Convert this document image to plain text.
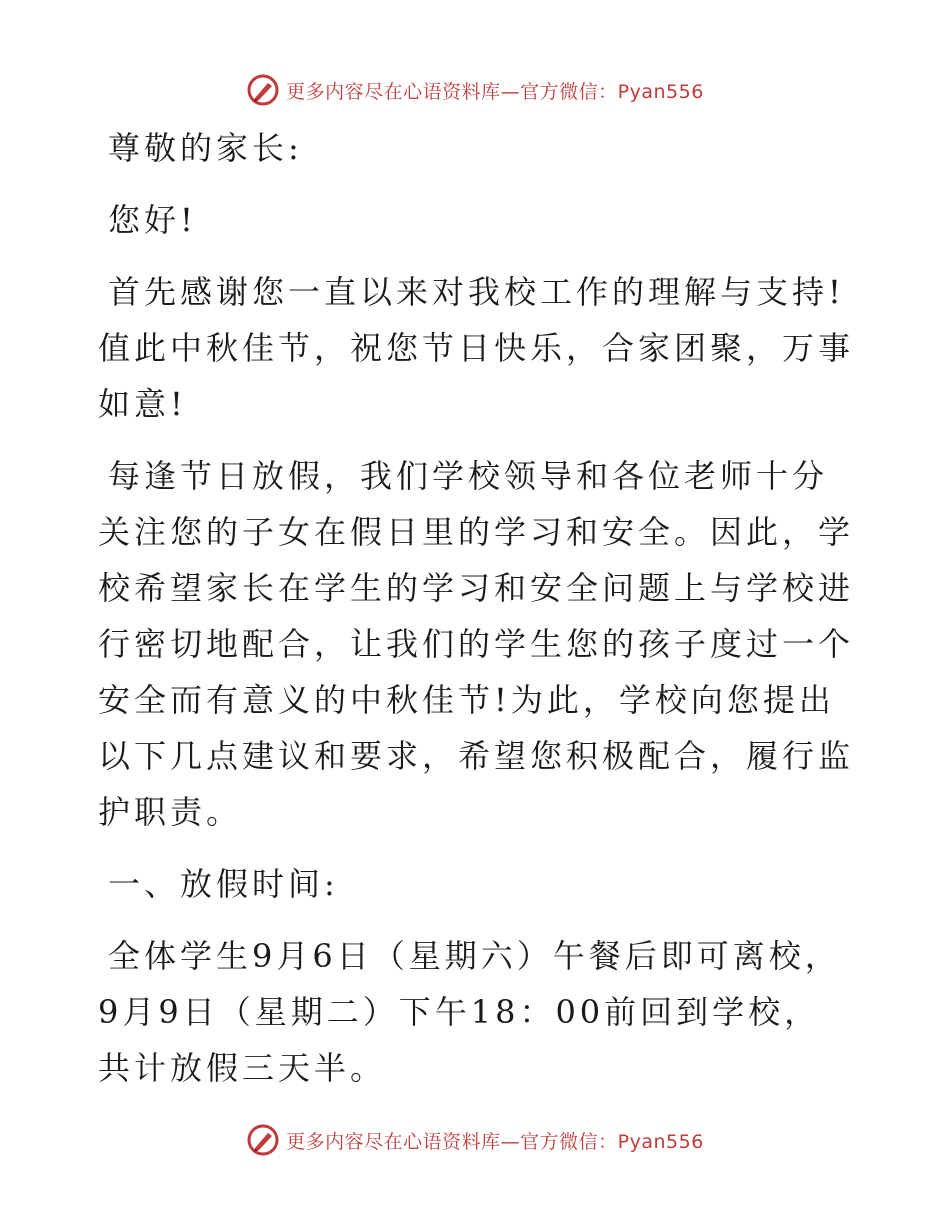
更多内容尽在心语资料库—官方微信：Pyan556

尊敬的家长:

您好!

首先感谢您一直以来对我校工作的理解与支持!值此中秋佳节，祝您节日快乐，合家团聚，万事如意!

每逢节日放假，我们学校领导和各位老师十分关注您的子女在假日里的学习和安全。因此，学校希望家长在学生的学习和安全问题上与学校进行密切地配合，让我们的学生您的孩子度过一个安全而有意义的中秋佳节!为此，学校向您提出以下几点建议和要求，希望您积极配合，履行监护职责。

一、放假时间:

全体学生9月6日（星期六）午餐后即可离校，9月9日（星期二）下午18：00前回到学校，共计放假三天半。

更多内容尽在心语资料库—官方微信：Pyan556
